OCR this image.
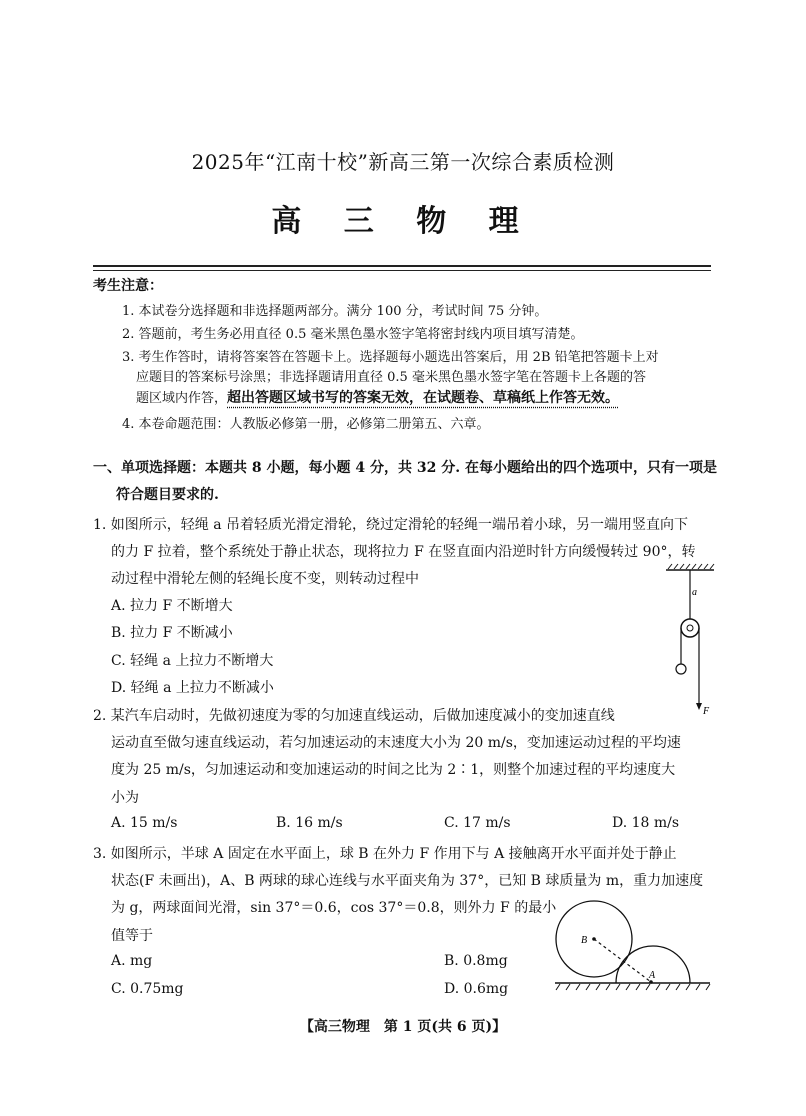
2025年“江南十校”新高三第一次综合素质检测
高 三 物 理
考生注意：
1. 本试卷分选择题和非选择题两部分。满分 100 分，考试时间 75 分钟。
2. 答题前，考生务必用直径 0.5 毫米黑色墨水签字笔将密封线内项目填写清楚。
3. 考生作答时，请将答案答在答题卡上。选择题每小题选出答案后，用 2B 铅笔把答题卡上对
应题目的答案标号涂黑；非选择题请用直径 0.5 毫米黑色墨水签字笔在答题卡上各题的答
题区域内作答，超出答题区域书写的答案无效，在试题卷、草稿纸上作答无效。
4. 本卷命题范围：人教版必修第一册，必修第二册第五、六章。
一、单项选择题：本题共 8 小题，每小题 4 分，共 32 分. 在每小题给出的四个选项中，只有一项是
符合题目要求的.
1. 如图所示，轻绳 a 吊着轻质光滑定滑轮，绕过定滑轮的轻绳一端吊着小球，另一端用竖直向下
的力 F 拉着，整个系统处于静止状态，现将拉力 F 在竖直面内沿逆时针方向缓慢转过 90°，转
动过程中滑轮左侧的轻绳长度不变，则转动过程中
A. 拉力 F 不断增大
B. 拉力 F 不断减小
C. 轻绳 a 上拉力不断增大
D. 轻绳 a 上拉力不断减小
a
F
2. 某汽车启动时，先做初速度为零的匀加速直线运动，后做加速度减小的变加速直线
运动直至做匀速直线运动，若匀加速运动的末速度大小为 20 m/s，变加速运动过程的平均速
度为 25 m/s，匀加速运动和变加速运动的时间之比为 2∶1，则整个加速过程的平均速度大
小为
A. 15 m/s	B. 16 m/s	C. 17 m/s	D. 18 m/s
3. 如图所示，半球 A 固定在水平面上，球 B 在外力 F 作用下与 A 接触离开水平面并处于静止
状态(F 未画出)，A、B 两球的球心连线与水平面夹角为 37°，已知 B 球质量为 m，重力加速度
为 g，两球面间光滑，sin 37°＝0.6，cos 37°＝0.8，则外力 F 的最小
值等于
A. mg	B. 0.8mg
C. 0.75mg	D. 0.6mg
B
A
【高三物理　第 1 页(共 6 页)】
